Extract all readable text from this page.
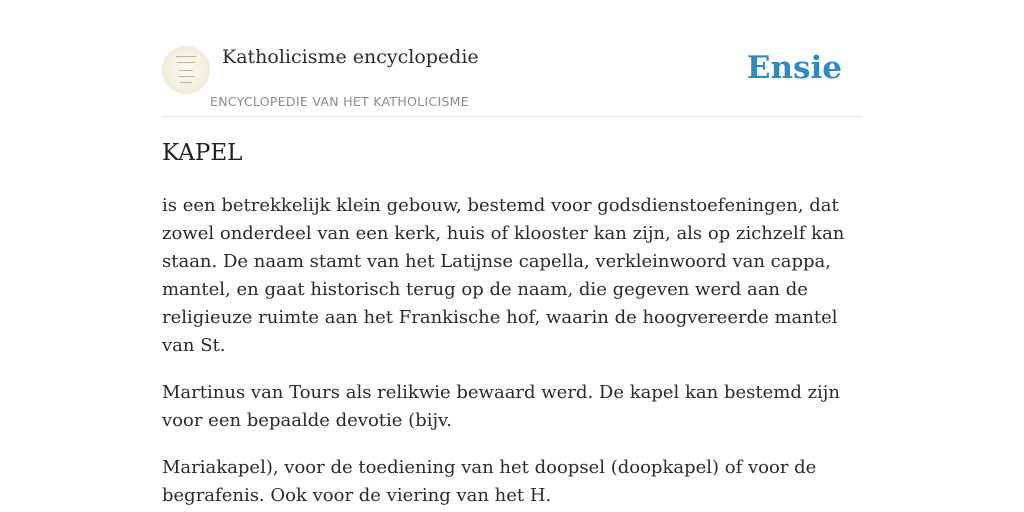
Katholicisme encyclopedie
ENCYCLOPEDIE VAN HET KATHOLICISME
Ensie
KAPEL

is een betrekkelijk klein gebouw, bestemd voor godsdienstoefeningen, dat zowel onderdeel van een kerk, huis of klooster kan zijn, als op zichzelf kan staan. De naam stamt van het Latijnse capella, verkleinwoord van cappa, mantel, en gaat historisch terug op de naam, die gegeven werd aan de religieuze ruimte aan het Frankische hof, waarin de hoogvereerde mantel van St.

Martinus van Tours als relikwie bewaard werd. De kapel kan bestemd zijn voor een bepaalde devotie (bijv.

Mariakapel), voor de toediening van het doopsel (doopkapel) of voor de begrafenis. Ook voor de viering van het H.
